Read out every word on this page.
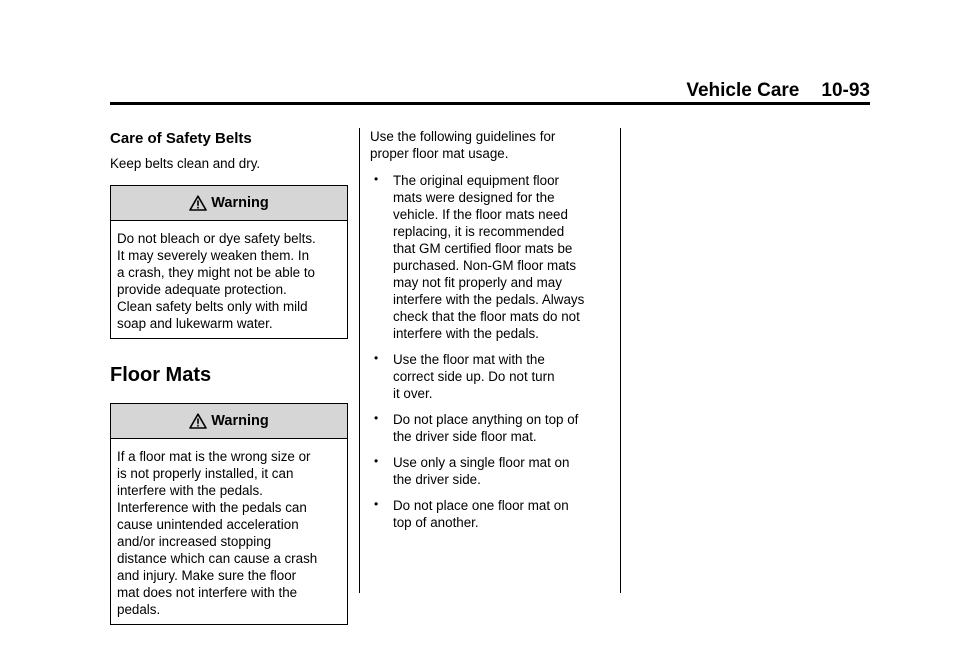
Vehicle Care 10-93
Care of Safety Belts

Keep belts clean and dry.

Warning
Do not bleach or dye safety belts.
It may severely weaken them. In
a crash, they might not be able to
provide adequate protection.
Clean safety belts only with mild
soap and lukewarm water.
Floor Mats
Warning
If a floor mat is the wrong size or
is not properly installed, it can
interfere with the pedals.
Interference with the pedals can
cause unintended acceleration
and/or increased stopping
distance which can cause a crash
and injury. Make sure the floor
mat does not interfere with the
pedals.

Use the following guidelines for
proper floor mat usage.

• The original equipment floor
mats were designed for the
vehicle. If the floor mats need
replacing, it is recommended
that GM certified floor mats be
purchased. Non-GM floor mats
may not fit properly and may
interfere with the pedals. Always
check that the floor mats do not
interfere with the pedals.
• Use the floor mat with the
correct side up. Do not turn
it over.
• Do not place anything on top of
the driver side floor mat.
• Use only a single floor mat on
the driver side.
• Do not place one floor mat on
top of another.
